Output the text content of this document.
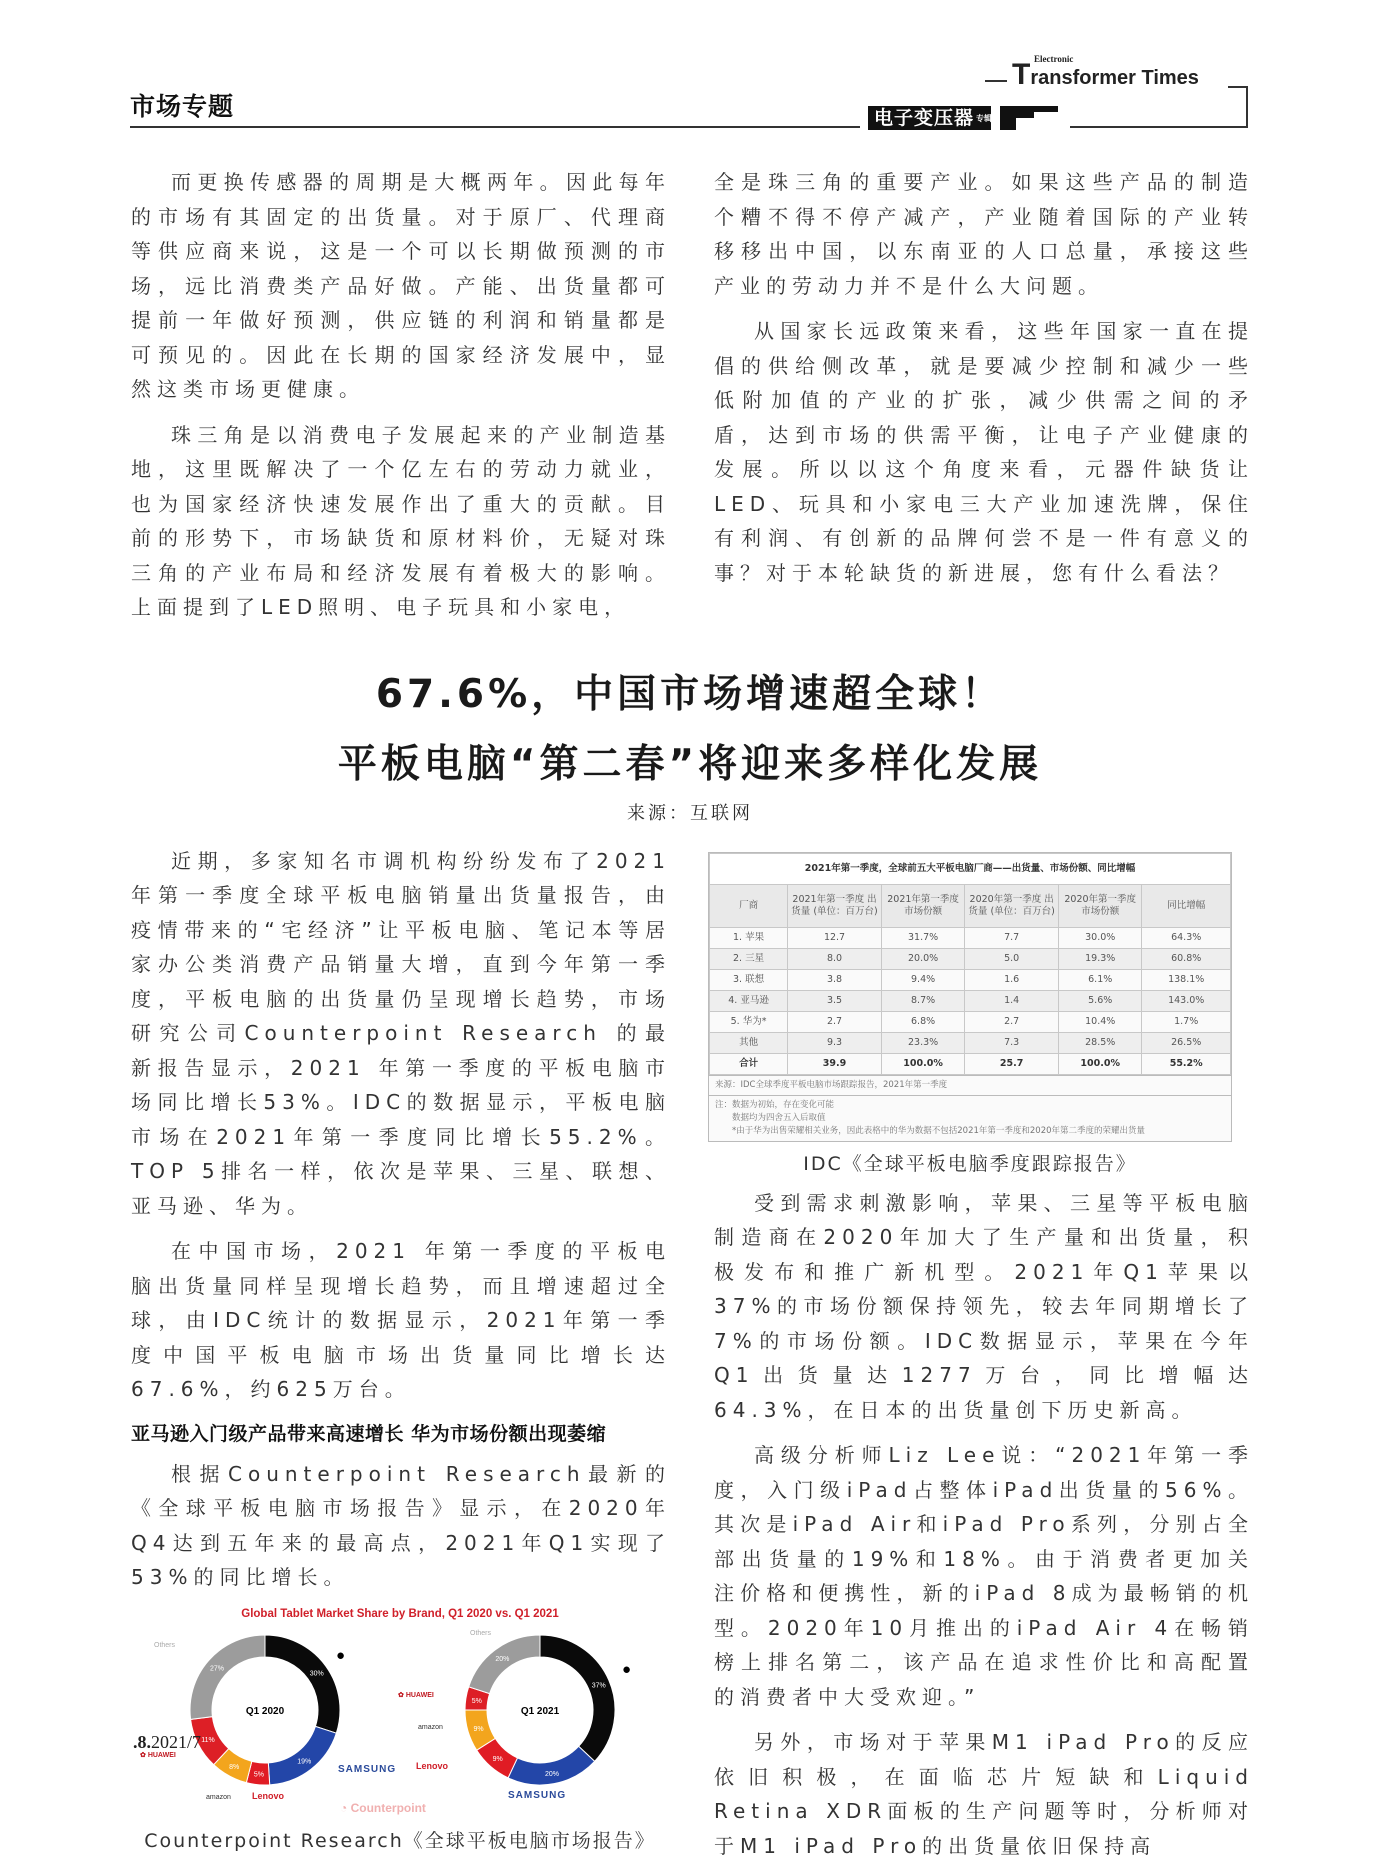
市场专题	电子变压器 专辑
T Electronic
ransformer Times

而更换传感器的周期是大概两年。因此每年的市场有其固定的出货量。对于原厂、代理商等供应商来说，这是一个可以长期做预测的市场，远比消费类产品好做。产能、出货量都可提前一年做好预测，供应链的利润和销量都是可预见的。因此在长期的国家经济发展中，显然这类市场更健康。

珠三角是以消费电子发展起来的产业制造基地，这里既解决了一个亿左右的劳动力就业，也为国家经济快速发展作出了重大的贡献。目前的形势下，市场缺货和原材料价，无疑对珠三角的产业布局和经济发展有着极大的影响。上面提到了LED照明、电子玩具和小家电，

全是珠三角的重要产业。如果这些产品的制造个糟不得不停产减产，产业随着国际的产业转移移出中国，以东南亚的人口总量，承接这些产业的劳动力并不是什么大问题。

从国家长远政策来看，这些年国家一直在提倡的供给侧改革，就是要减少控制和减少一些低附加值的产业的扩张，减少供需之间的矛盾，达到市场的供需平衡，让电子产业健康的发展。所以以这个角度来看，元器件缺货让LED、玩具和小家电三大产业加速洗牌，保住有利润、有创新的品牌何尝不是一件有意义的事？对于本轮缺货的新进展，您有什么看法？

67.6%，中国市场增速超全球！
平板电脑“第二春”将迎来多样化发展
来源：互联网

近期，多家知名市调机构纷纷发布了2021年第一季度全球平板电脑销量出货量报告，由疫情带来的“宅经济”让平板电脑、笔记本等居家办公类消费产品销量大增，直到今年第一季度，平板电脑的出货量仍呈现增长趋势，市场研究公司Counterpoint Research 的最新报告显示，2021 年第一季度的平板电脑市场同比增长53%。IDC的数据显示，平板电脑市场在2021年第一季度同比增长55.2%。TOP 5排名一样，依次是苹果、三星、联想、亚马逊、华为。

在中国市场，2021 年第一季度的平板电脑出货量同样呈现增长趋势，而且增速超过全球，由IDC统计的数据显示，2021年第一季度中国平板电脑市场出货量同比增长达67.6%，约625万台。

亚马逊入门级产品带来高速增长 华为市场份额出现萎缩

根据Counterpoint Research最新的《全球平板电脑市场报告》显示，在2020年Q4达到五年来的最高点，2021年Q1实现了53%的同比增长。

Global Tablet Market Share by Brand, Q1 2020 vs. Q1 2021
30%
19%
5%
8%
11%
27%
Q1 2020
37%
20%
9%
9%
5%
20%
Q1 2021
Others
✿ HUAWEI
amazon Lenovo
SAMSUNG
●
Others
✿ HUAWEI
amazon
Lenovo
SAMSUNG
●
◔ Counterpoint
Counterpoint Research《全球平板电脑市场报告》
2021年第一季度，全球前五大平板电脑厂商——出货量、市场份额、同比增幅					
厂商	2021年第一季度 出货量 (单位：百万台)	2021年第一季度 市场份额	2020年第一季度 出货量 (单位：百万台)	2020年第一季度 市场份额	同比增幅
1. 苹果	12.7	31.7%	7.7	30.0%	64.3%
2. 三星	8.0	20.0%	5.0	19.3%	60.8%
3. 联想	3.8	9.4%	1.6	6.1%	138.1%
4. 亚马逊	3.5	8.7%	1.4	5.6%	143.0%
5. 华为*	2.7	6.8%	2.7	10.4%	1.7%
其他	9.3	23.3%	7.3	28.5%	26.5%
合计	39.9	100.0%	25.7	100.0%	55.2%
来源：IDC全球季度平板电脑市场跟踪报告，2021年第一季度
注：数据为初始，存在变化可能
数据均为四舍五入后取值
*由于华为出售荣耀相关业务，因此表格中的华为数据不包括2021年第一季度和2020年第二季度的荣耀出货量
IDC《全球平板电脑季度跟踪报告》

受到需求刺激影响，苹果、三星等平板电脑制造商在2020年加大了生产量和出货量，积极发布和推广新机型。2021年Q1苹果以37%的市场份额保持领先，较去年同期增长了7%的市场份额。IDC数据显示，苹果在今年Q1出货量达1277万台，同比增幅达64.3%，在日本的出货量创下历史新高。

高级分析师Liz Lee说：“2021年第一季度，入门级iPad占整体iPad出货量的56%。其次是iPad Air和iPad Pro系列，分别占全部出货量的19%和18%。由于消费者更加关注价格和便携性，新的iPad 8成为最畅销的机型。2020年10月推出的iPad Air 4在畅销榜上排名第二，该产品在追求性价比和高配置的消费者中大受欢迎。”

另外，市场对于苹果M1 iPad Pro的反应依旧积极，在面临芯片短缺和Liquid Retina XDR面板的生产问题等时，分析师对于M1 iPad Pro的出货量依旧保持高

.8.2021/7
